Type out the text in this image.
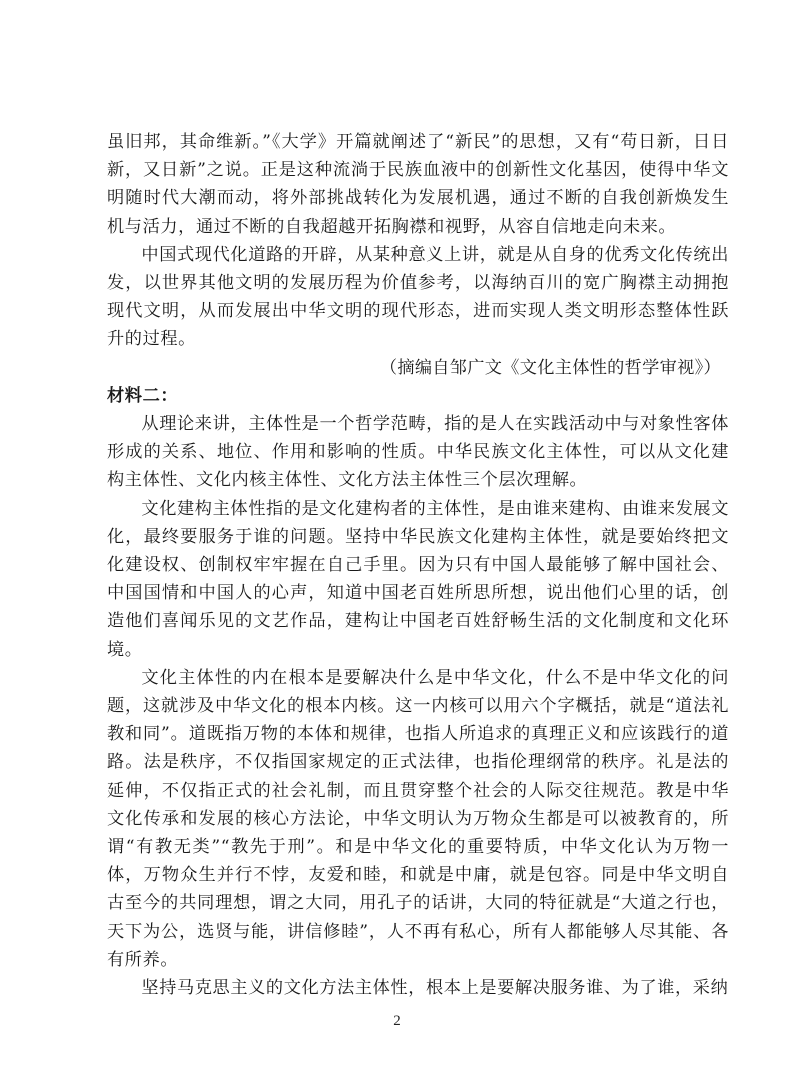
虽旧邦，其命维新。”《大学》开篇就阐述了“新民”的思想，又有“苟日新，日日新，又日新”之说。正是这种流淌于民族血液中的创新性文化基因，使得中华文明随时代大潮而动，将外部挑战转化为发展机遇，通过不断的自我创新焕发生机与活力，通过不断的自我超越开拓胸襟和视野，从容自信地走向未来。

中国式现代化道路的开辟，从某种意义上讲，就是从自身的优秀文化传统出发，以世界其他文明的发展历程为价值参考，以海纳百川的宽广胸襟主动拥抱现代文明，从而发展出中华文明的现代形态，进而实现人类文明形态整体性跃升的过程。

（摘编自邹广文《文化主体性的哲学审视》）

材料二：

从理论来讲，主体性是一个哲学范畴，指的是人在实践活动中与对象性客体形成的关系、地位、作用和影响的性质。中华民族文化主体性，可以从文化建构主体性、文化内核主体性、文化方法主体性三个层次理解。

文化建构主体性指的是文化建构者的主体性，是由谁来建构、由谁来发展文化，最终要服务于谁的问题。坚持中华民族文化建构主体性，就是要始终把文化建设权、创制权牢牢握在自己手里。因为只有中国人最能够了解中国社会、中国国情和中国人的心声，知道中国老百姓所思所想，说出他们心里的话，创造他们喜闻乐见的文艺作品，建构让中国老百姓舒畅生活的文化制度和文化环境。

文化主体性的内在根本是要解决什么是中华文化，什么不是中华文化的问题，这就涉及中华文化的根本内核。这一内核可以用六个字概括，就是“道法礼教和同”。道既指万物的本体和规律，也指人所追求的真理正义和应该践行的道路。法是秩序，不仅指国家规定的正式法律，也指伦理纲常的秩序。礼是法的延伸，不仅指正式的社会礼制，而且贯穿整个社会的人际交往规范。教是中华文化传承和发展的核心方法论，中华文明认为万物众生都是可以被教育的，所谓“有教无类”“教先于刑”。和是中华文化的重要特质，中华文化认为万物一体，万物众生并行不悖，友爱和睦，和就是中庸，就是包容。同是中华文明自古至今的共同理想，谓之大同，用孔子的话讲，大同的特征就是“大道之行也，天下为公，选贤与能，讲信修睦”，人不再有私心，所有人都能够人尽其能、各有所养。

坚持马克思主义的文化方法主体性，根本上是要解决服务谁、为了谁，采纳

2
